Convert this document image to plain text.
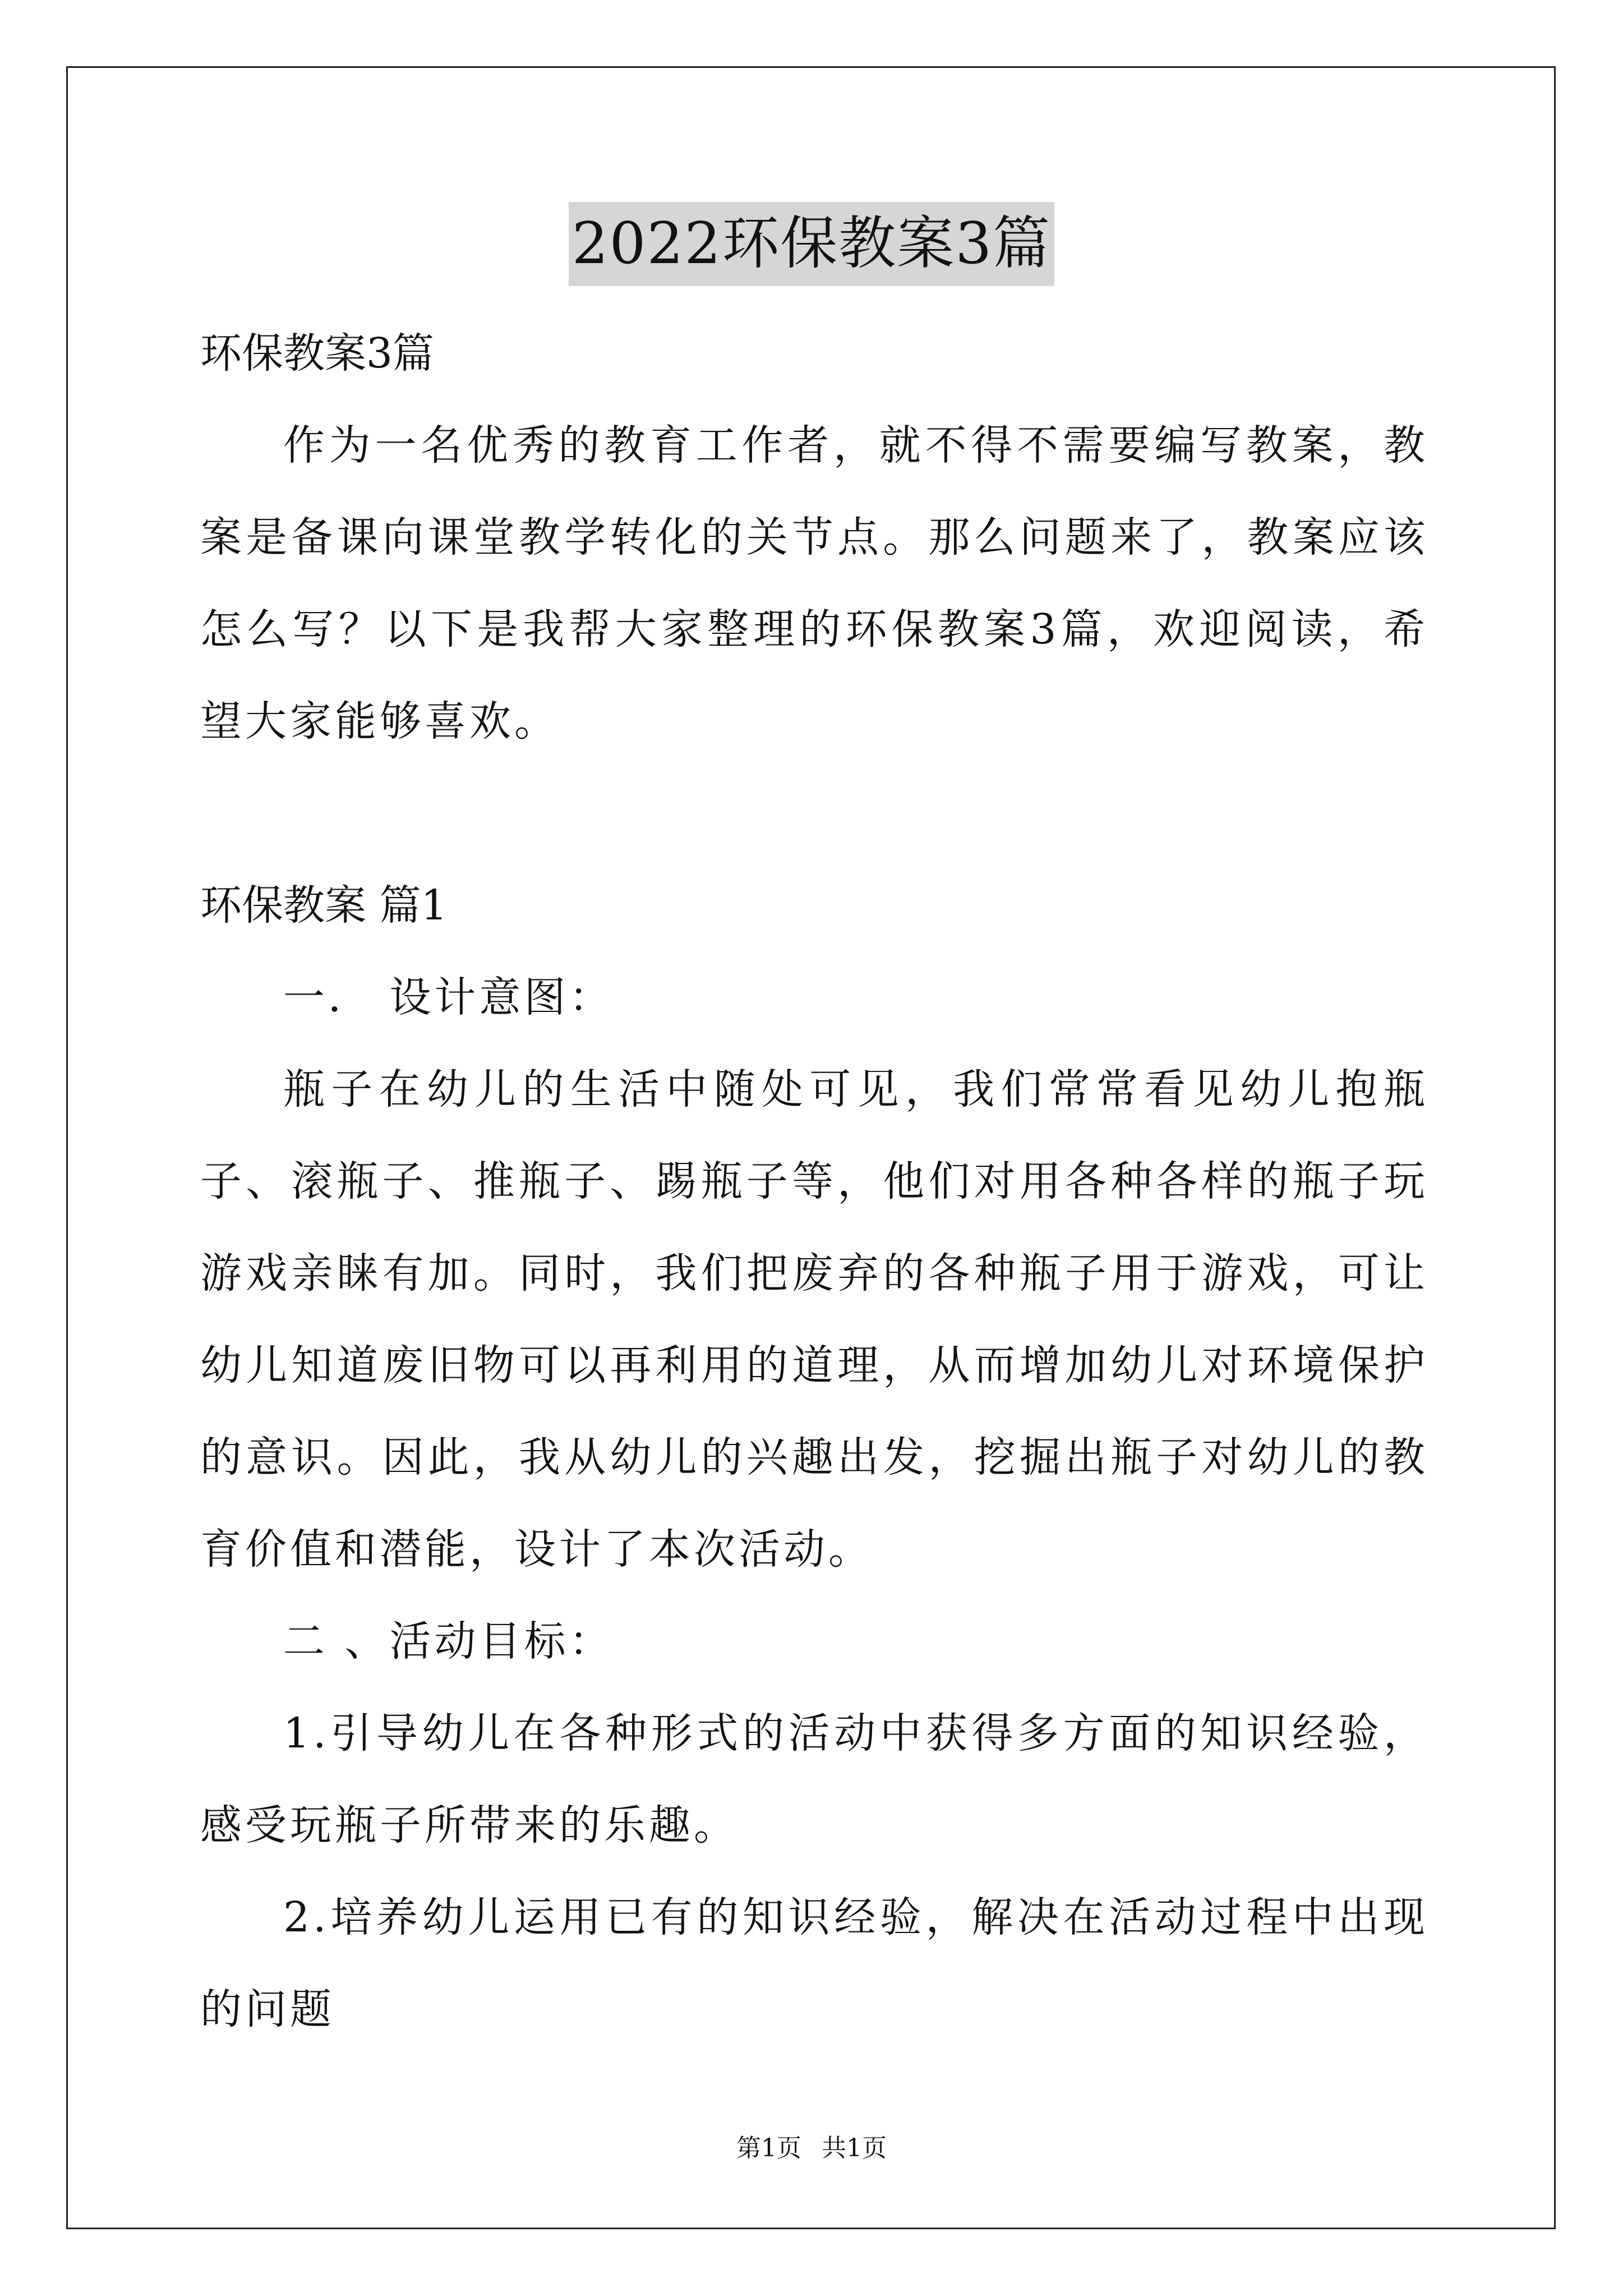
2022环保教案3篇

环保教案3篇

作为一名优秀的教育工作者，就不得不需要编写教案，教案是备课向课堂教学转化的关节点。那么问题来了，教案应该怎么写？以下是我帮大家整理的环保教案3篇，欢迎阅读，希望大家能够喜欢。

环保教案 篇1

一． 设计意图：

瓶子在幼儿的生活中随处可见，我们常常看见幼儿抱瓶子、滚瓶子、推瓶子、踢瓶子等，他们对用各种各样的瓶子玩游戏亲睐有加。同时，我们把废弃的各种瓶子用于游戏，可让幼儿知道废旧物可以再利用的道理，从而增加幼儿对环境保护的意识。因此，我从幼儿的兴趣出发，挖掘出瓶子对幼儿的教育价值和潜能，设计了本次活动。

二 、活动目标：

1.引导幼儿在各种形式的活动中获得多方面的知识经验，感受玩瓶子所带来的乐趣。

2.培养幼儿运用已有的知识经验，解决在活动过程中出现的问题

第1页 共1页
